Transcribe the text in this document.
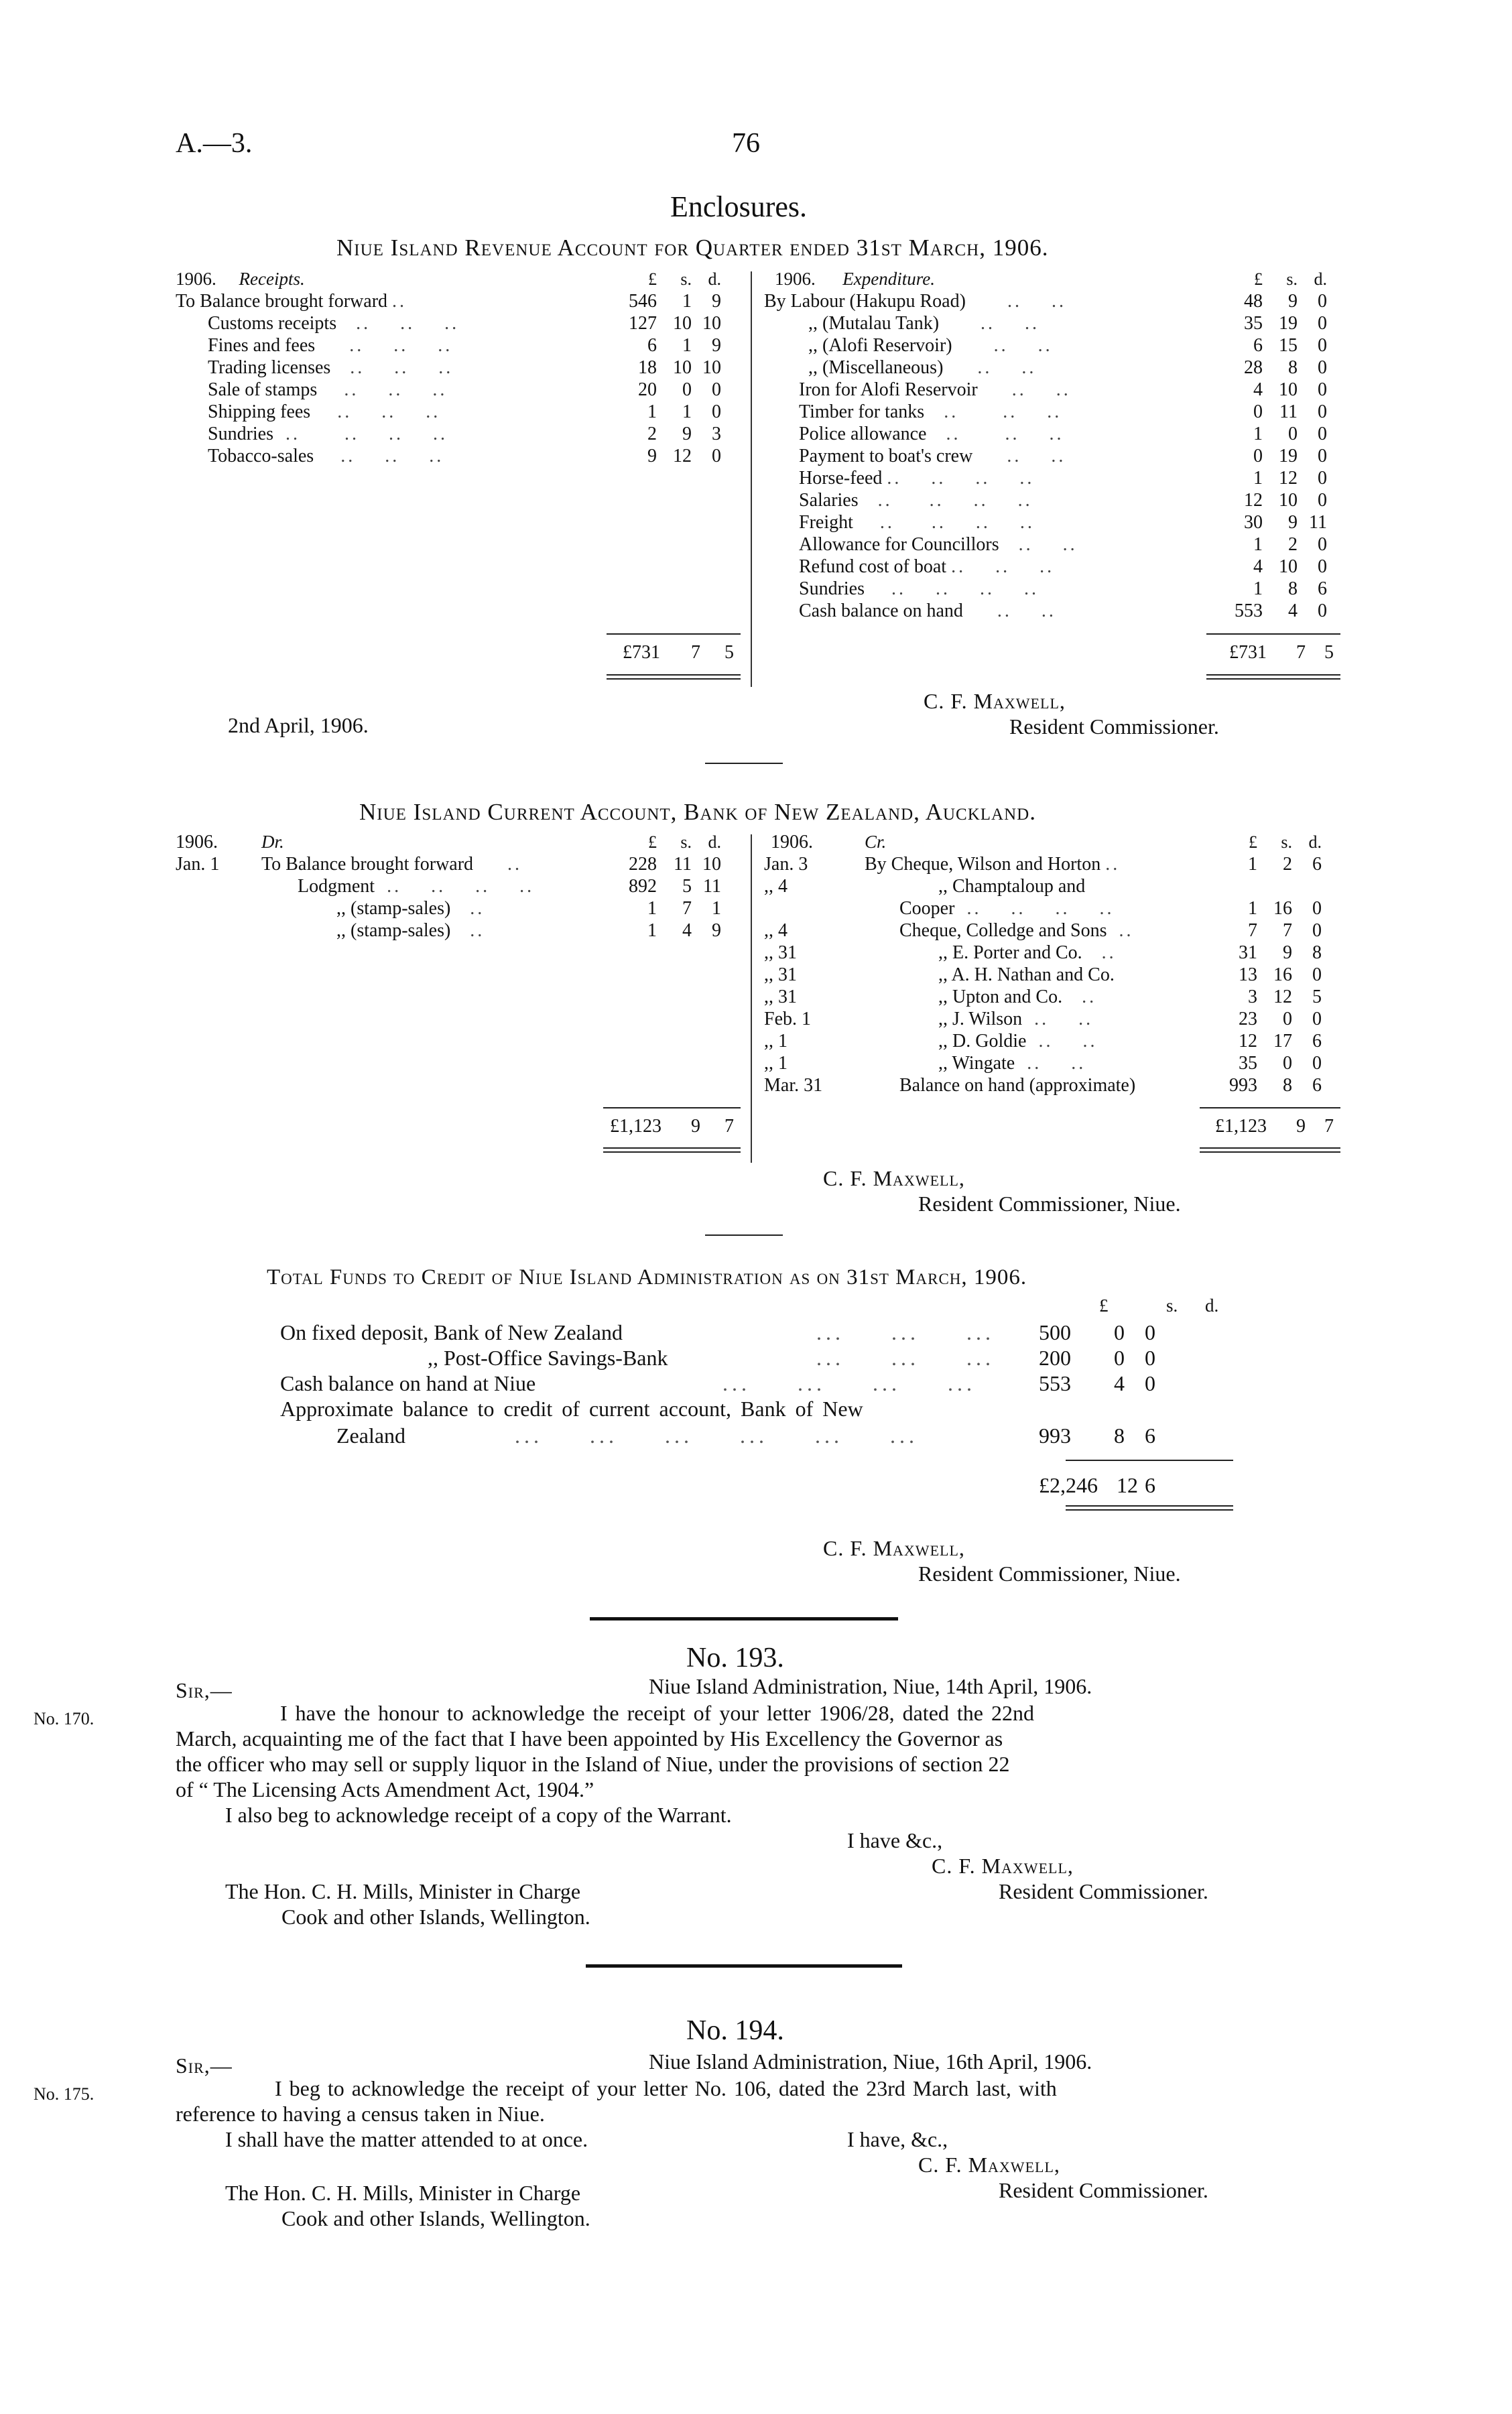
A.—3.	76
Enclosures.
Niue Island Revenue Account for Quarter ended 31st March, 1906.
1906. Receipts.	£	s.	d.
To Balance brought forward ..	546	1	9
Customs receipts   ..    ..    ..	127	10	10
Fines and fees     ..    ..    ..	6	1	9
Trading licenses   ..    ..    ..	18	10	10
Sale of stamps    ..    ..    ..	20	0	0
Shipping fees    ..    ..    ..	1	1	0
Sundries  ..      ..    ..    ..	2	9	3
Tobacco-sales    ..    ..    ..	9	12	0
£731 7 5
1906. Expenditure.	£	s.	d.
By Labour (Hakupu Road)      ..    ..	48	9	0
,, (Mutalau Tank)      ..    ..	35	19	0
,, (Alofi Reservoir)      ..    ..	6	15	0
,, (Miscellaneous)     ..    ..	28	8	0
Iron for Alofi Reservoir     ..    ..	4	10	0
Timber for tanks   ..      ..    ..	0	11	0
Police allowance   ..      ..    ..	1	0	0
Payment to boat's crew     ..    ..	0	19	0
Horse-feed ..    ..    ..    ..	1	12	0
Salaries   ..     ..    ..    ..	12	10	0
Freight    ..     ..    ..    ..	30	9	11
Allowance for Councillors   ..    ..	1	2	0
Refund cost of boat ..    ..    ..	4	10	0
Sundries    ..    ..    ..    ..	1	8	6
Cash balance on hand     ..    ..	553	4	0
£731 7 5
2nd April, 1906.
C. F. Maxwell,
Resident Commissioner.
Niue Island Current Account, Bank of New Zealand, Auckland.
1906.	Dr.	£	s.	d.
Jan. 1	To Balance brought forward     ..	228	11	10
	Lodgment  ..    ..    ..    ..	892	5	11
	,, (stamp-sales)   ..	1	7	1
	,, (stamp-sales)   ..	1	4	9
£1,123 9 7
1906.	Cr.	£	s.	d.
Jan. 3	By Cheque, Wilson and Horton ..	1	2	6
,, 4	,, Champtaloup and			
	Cooper  ..    ..    ..    ..	1	16	0
,, 4	Cheque, Colledge and Sons  ..	7	7	0
,, 31	,, E. Porter and Co.   ..	31	9	8
,, 31	,, A. H. Nathan and Co.	13	16	0
,, 31	,, Upton and Co.   ..	3	12	5
Feb. 1	,, J. Wilson  ..    ..	23	0	0
,, 1	,, D. Goldie  ..    ..	12	17	6
,, 1	,, Wingate  ..    ..	35	0	0
Mar. 31	Balance on hand (approximate)	993	8	6
£1,123 9 7
C. F. Maxwell,
Resident Commissioner, Niue.
Total Funds to Credit of Niue Island Administration as on 31st March, 1906.
£	s. d.
On fixed deposit, Bank of New Zealand	...     ...     ... 500 0 0
,, Post-Office Savings-Bank	...     ...     ... 200 0 0
Cash balance on hand at Niue	...     ...     ...     ...	553 4 0
Approximate balance to credit of current account, Bank of New
Zealand	...     ...     ...     ...     ...     ...	993 8 6
£2,246 12 6
C. F. Maxwell,
Resident Commissioner, Niue.
No. 193.
Sir,—	Niue Island Administration, Niue, 14th April, 1906.
No. 170.	I have the honour to acknowledge the receipt of your letter 1906/28, dated the 22nd
March, acquainting me of the fact that I have been appointed by His Excellency the Governor as
the officer who may sell or supply liquor in the Island of Niue, under the provisions of section 22
of “ The Licensing Acts Amendment Act, 1904.”
I also beg to acknowledge receipt of a copy of the Warrant.
I have &c.,
C. F. Maxwell,
Resident Commissioner.
The Hon. C. H. Mills, Minister in Charge
Cook and other Islands, Wellington.
No. 194.
Sir,—	Niue Island Administration, Niue, 16th April, 1906.
No. 175.	I beg to acknowledge the receipt of your letter No. 106, dated the 23rd March last, with
reference to having a census taken in Niue.
I shall have the matter attended to at once.	I have, &c.,
C. F. Maxwell,
Resident Commissioner.
The Hon. C. H. Mills, Minister in Charge
Cook and other Islands, Wellington.
